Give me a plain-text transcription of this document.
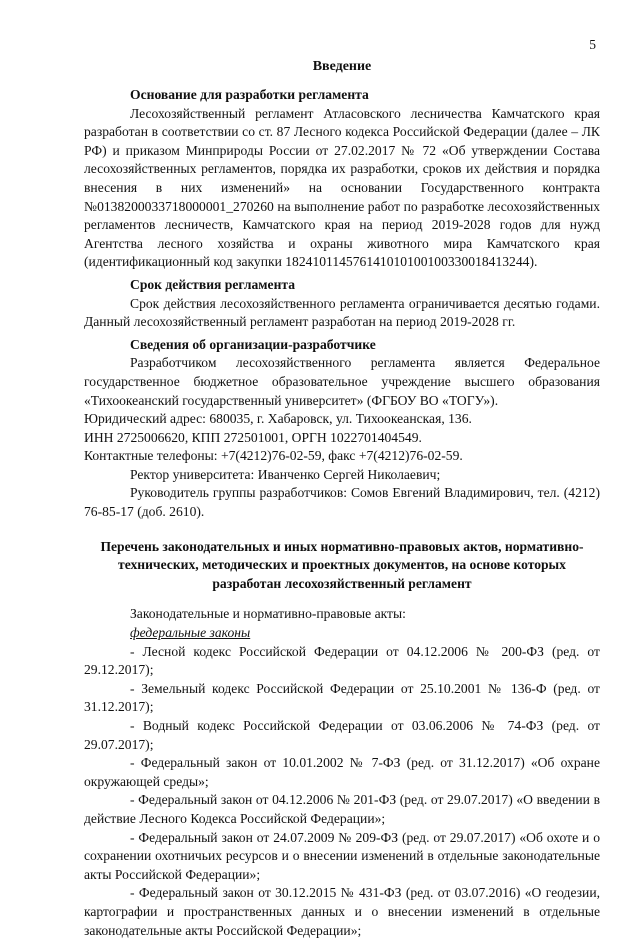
5
Введение
Основание для разработки регламента

Лесохозяйственный регламент Атласовского лесничества Камчатского края разработан в соответствии со ст. 87 Лесного кодекса Российской Федерации (далее – ЛК РФ) и приказом Минприроды России от 27.02.2017 № 72 «Об утверждении Состава лесохозяйственных регламентов, порядка их разработки, сроков их действия и порядка внесения в них изменений» на основании Государственного контракта №0138200033718000001_270260 на выполнение работ по разработке лесохозяйственных регламентов лесничеств, Камчатского края на период 2019-2028 годов для нужд Агентства лесного хозяйства и охраны животного мира Камчатского края (идентификационный код закупки 182410114576141010100100330018413244).

Срок действия регламента

Срок действия лесохозяйственного регламента ограничивается десятью годами. Данный лесохозяйственный регламент разработан на период 2019-2028 гг.

Сведения об организации-разработчике

Разработчиком лесохозяйственного регламента является Федеральное государственное бюджетное образовательное учреждение высшего образования «Тихоокеанский государственный университет» (ФГБОУ ВО «ТОГУ»).

Юридический адрес: 680035, г. Хабаровск, ул. Тихоокеанская, 136.

ИНН 2725006620, КПП 272501001, ОРГН 1022701404549.

Контактные телефоны: +7(4212)76-02-59, факс +7(4212)76-02-59.

Ректор университета: Иванченко Сергей Николаевич;

Руководитель группы разработчиков: Сомов Евгений Владимирович, тел. (4212) 76-85-17 (доб. 2610).

Перечень законодательных и иных нормативно-правовых актов, нормативно-технических, методических и проектных документов, на основе которых разработан лесохозяйственный регламент

Законодательные и нормативно-правовые акты:

федеральные законы

- Лесной кодекс Российской Федерации от 04.12.2006 № 200-ФЗ (ред. от 29.12.2017);

- Земельный кодекс Российской Федерации от 25.10.2001 № 136-Ф (ред. от 31.12.2017);

- Водный кодекс Российской Федерации от 03.06.2006 № 74-ФЗ (ред. от 29.07.2017);

- Федеральный закон от 10.01.2002 № 7-ФЗ (ред. от 31.12.2017) «Об охране окружающей среды»;

- Федеральный закон от 04.12.2006 № 201-ФЗ (ред. от 29.07.2017) «О введении в действие Лесного Кодекса Российской Федерации»;

- Федеральный закон от 24.07.2009 № 209-ФЗ (ред. от 29.07.2017) «Об охоте и о сохранении охотничьих ресурсов и о внесении изменений в отдельные законодательные акты Российской Федерации»;

- Федеральный закон от 30.12.2015 № 431-ФЗ (ред. от 03.07.2016) «О геодезии, картографии и пространственных данных и о внесении изменений в отдельные законодательные акты Российской Федерации»;
